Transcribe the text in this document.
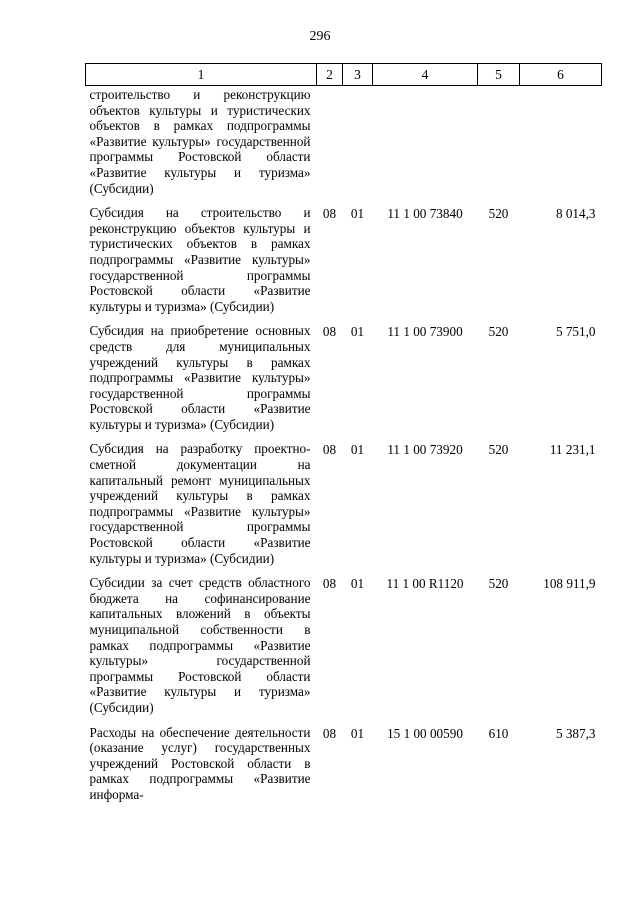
296
1	2	3	4	5	6
строительство и реконструкцию объектов культуры и туристических объектов в рамках подпрограммы «Развитие культуры» государственной программы Ростовской области «Развитие культуры и туризма» (Субсидии)					
Субсидия на строительство и реконструкцию объектов культуры и туристических объектов в рамках подпрограммы «Развитие культуры» государственной программы Ростовской области «Развитие культуры и туризма» (Субсидии)	08	01	11 1 00 73840	520	8 014,3
Субсидия на приобретение основных средств для муниципальных учреждений культуры в рамках подпрограммы «Развитие культуры» государственной программы Ростовской области «Развитие культуры и туризма» (Субсидии)	08	01	11 1 00 73900	520	5 751,0
Субсидия на разработку проектно-сметной документации на капитальный ремонт муниципальных учреждений культуры в рамках подпрограммы «Развитие культуры» государственной программы Ростовской области «Развитие культуры и туризма» (Субсидии)	08	01	11 1 00 73920	520	11 231,1
Субсидии за счет средств областного бюджета на софинансирование капитальных вложений в объекты муниципальной собственности в рамках подпрограммы «Развитие культуры» государственной программы Ростовской области «Развитие культуры и туризма» (Субсидии)	08	01	11 1 00 R1120	520	108 911,9
Расходы на обеспечение деятельности (оказание услуг) государственных учреждений Ростовской области в рамках подпрограммы «Развитие информа-	08	01	15 1 00 00590	610	5 387,3
